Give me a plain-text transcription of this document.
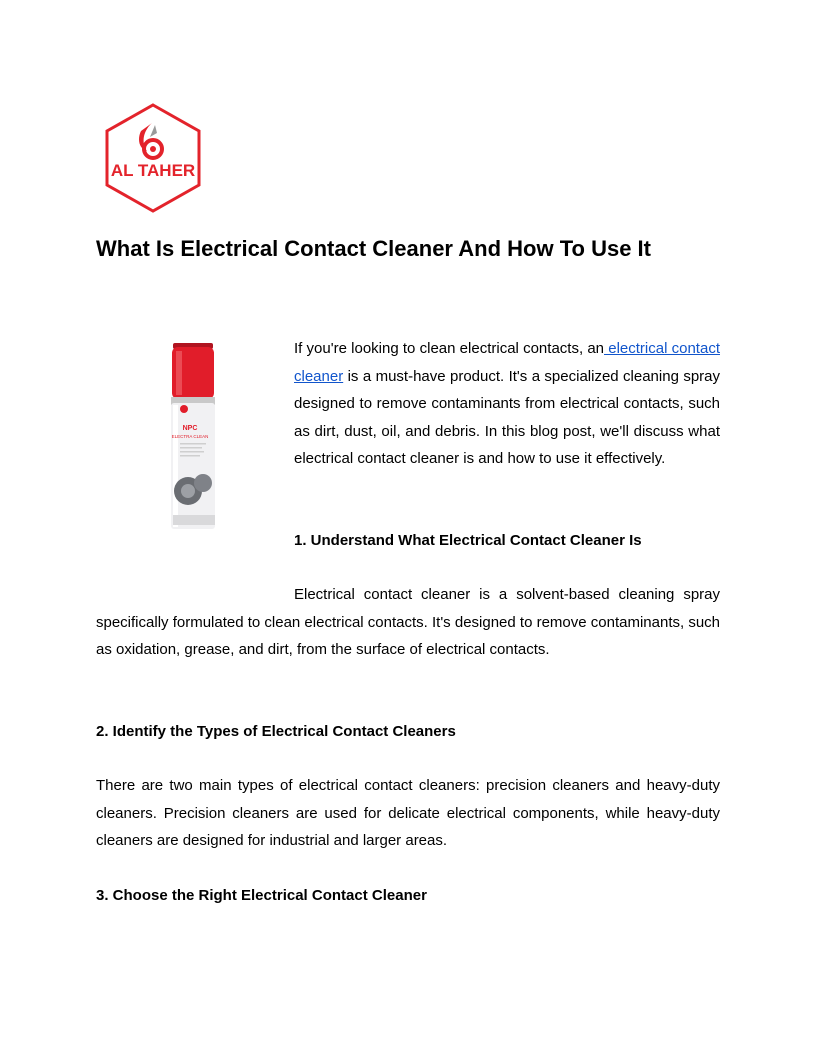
AL TAHER
What Is Electrical Contact Cleaner And How To Use It
NPC
ELECTRA CLEAN

If you're looking to clean electrical contacts, an electrical contact cleaner is a must-have product. It's a specialized cleaning spray designed to remove contaminants from electrical contacts, such as dirt, dust, oil, and debris. In this blog post, we'll discuss what electrical contact cleaner is and how to use it effectively.

1. Understand What Electrical Contact Cleaner Is

Electrical contact cleaner is a solvent-based cleaning spray specifically formulated to clean electrical contacts. It's designed to remove contaminants, such as oxidation, grease, and dirt, from the surface of electrical contacts.

2. Identify the Types of Electrical Contact Cleaners

There are two main types of electrical contact cleaners: precision cleaners and heavy-duty cleaners. Precision cleaners are used for delicate electrical components, while heavy-duty cleaners are designed for industrial and larger areas.

3. Choose the Right Electrical Contact Cleaner
